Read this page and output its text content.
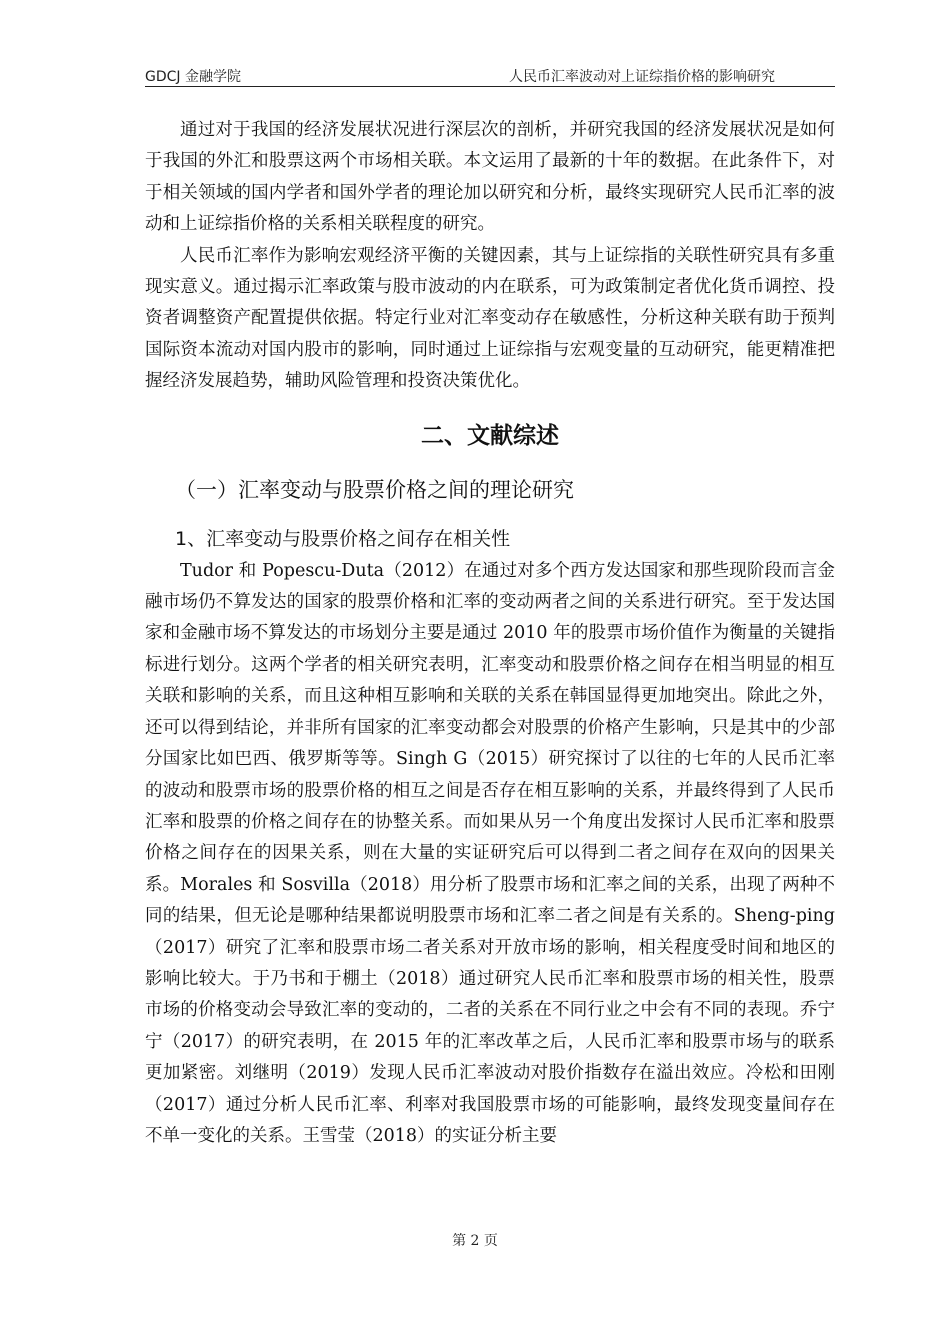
GDCJ 金融学院	人民币汇率波动对上证综指价格的影响研究

通过对于我国的经济发展状况进行深层次的剖析，并研究我国的经济发展状况是如何于我国的外汇和股票这两个市场相关联。本文运用了最新的十年的数据。在此条件下，对于相关领域的国内学者和国外学者的理论加以研究和分析，最终实现研究人民币汇率的波动和上证综指价格的关系相关联程度的研究。

人民币汇率作为影响宏观经济平衡的关键因素，其与上证综指的关联性研究具有多重现实意义。通过揭示汇率政策与股市波动的内在联系，可为政策制定者优化货币调控、投资者调整资产配置提供依据。特定行业对汇率变动存在敏感性，分析这种关联有助于预判国际资本流动对国内股市的影响，同时通过上证综指与宏观变量的互动研究，能更精准把握经济发展趋势，辅助风险管理和投资决策优化。

二、文献综述
（一）汇率变动与股票价格之间的理论研究
1、汇率变动与股票价格之间存在相关性

Tudor 和 Popescu-Duta（2012）在通过对多个西方发达国家和那些现阶段而言金融市场仍不算发达的国家的股票价格和汇率的变动两者之间的关系进行研究。至于发达国家和金融市场不算发达的市场划分主要是通过 2010 年的股票市场价值作为衡量的关键指标进行划分。这两个学者的相关研究表明，汇率变动和股票价格之间存在相当明显的相互关联和影响的关系，而且这种相互影响和关联的关系在韩国显得更加地突出。除此之外，还可以得到结论，并非所有国家的汇率变动都会对股票的价格产生影响，只是其中的少部分国家比如巴西、俄罗斯等等。Singh G（2015）研究探讨了以往的七年的人民币汇率的波动和股票市场的股票价格的相互之间是否存在相互影响的关系，并最终得到了人民币汇率和股票的价格之间存在的协整关系。而如果从另一个角度出发探讨人民币汇率和股票价格之间存在的因果关系，则在大量的实证研究后可以得到二者之间存在双向的因果关系。Morales 和 Sosvilla（2018）用分析了股票市场和汇率之间的关系，出现了两种不同的结果，但无论是哪种结果都说明股票市场和汇率二者之间是有关系的。Sheng-ping（2017）研究了汇率和股票市场二者关系对开放市场的影响，相关程度受时间和地区的影响比较大。于乃书和于棚土（2018）通过研究人民币汇率和股票市场的相关性，股票市场的价格变动会导致汇率的变动的，二者的关系在不同行业之中会有不同的表现。乔宁宁（2017）的研究表明，在 2015 年的汇率改革之后，人民币汇率和股票市场与的联系更加紧密。刘继明（2019）发现人民币汇率波动对股价指数存在溢出效应。冷松和田刚（2017）通过分析人民币汇率、利率对我国股票市场的可能影响，最终发现变量间存在不单一变化的关系。王雪莹（2018）的实证分析主要

第 2 页
